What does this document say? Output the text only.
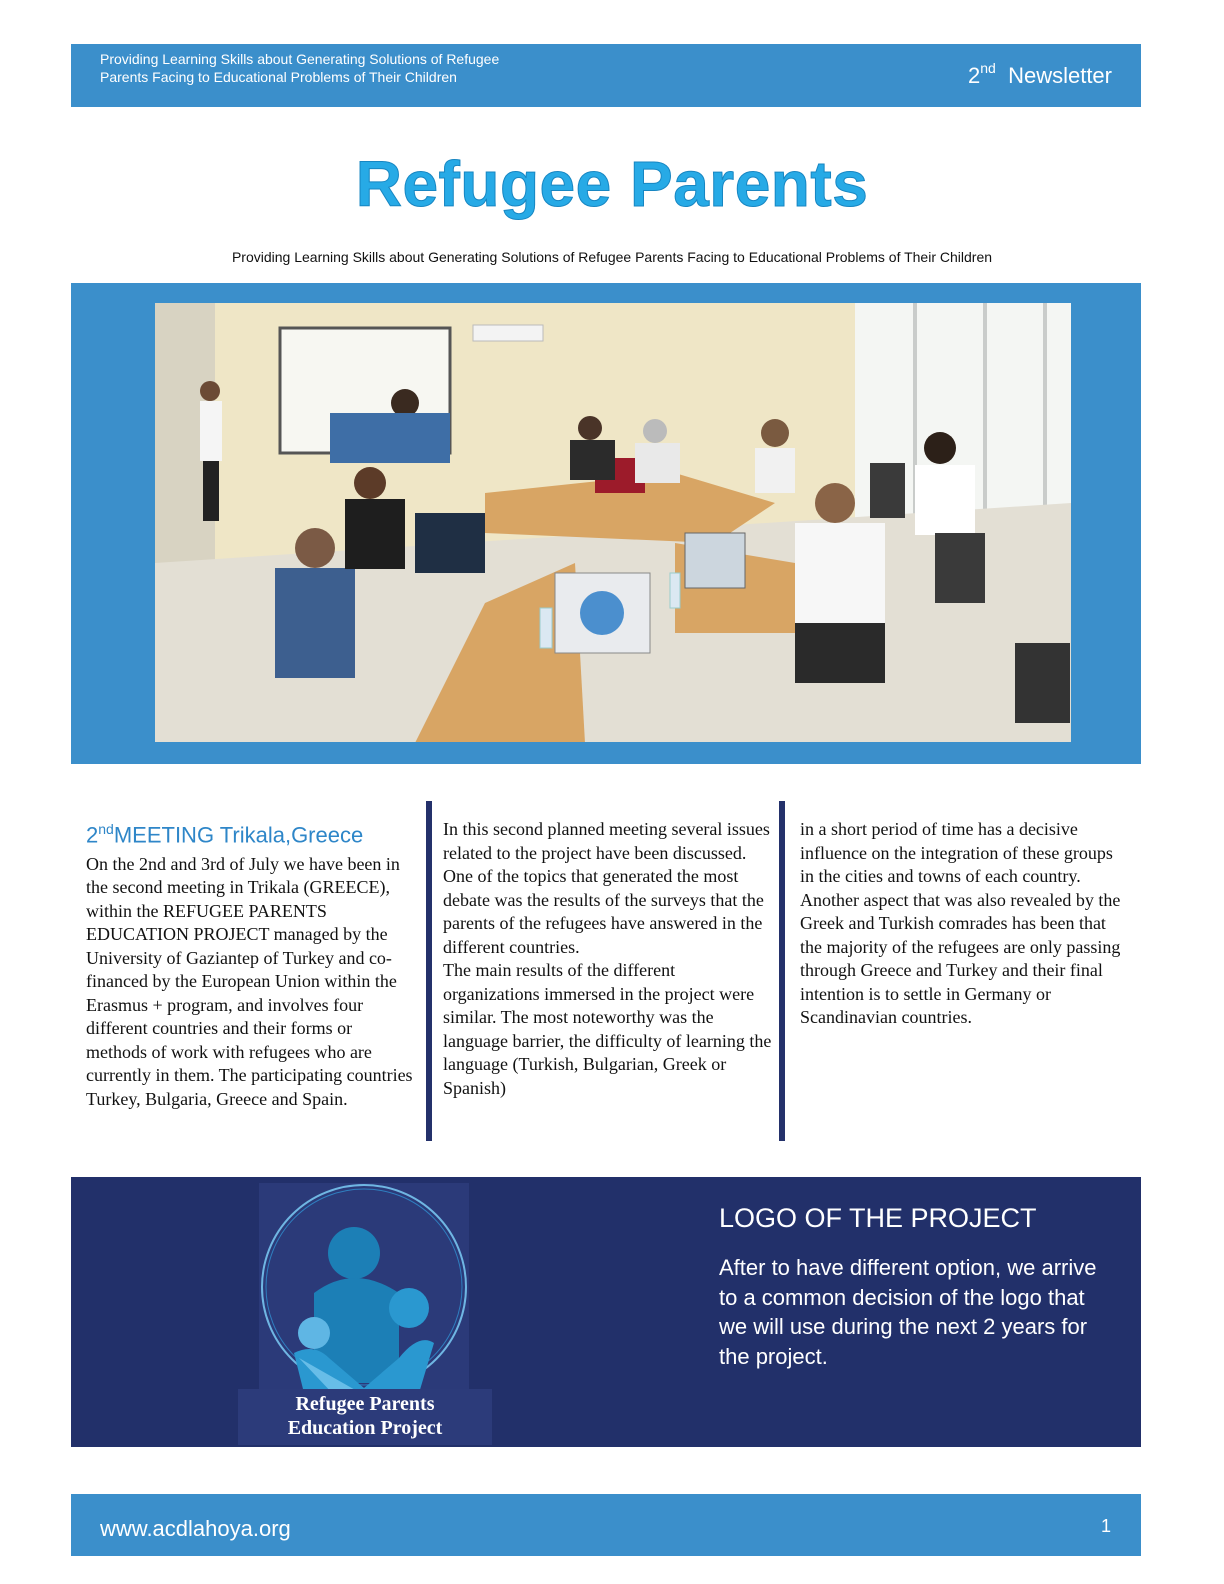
Providing Learning Skills about Generating Solutions of Refugee
Parents Facing to Educational Problems of Their Children	2nd Newsletter
Refugee Parents
Providing Learning Skills about Generating Solutions of Refugee Parents Facing to Educational Problems of Their Children
2ndMEETING Trikala,Greece
On the 2nd and 3rd of July we have been in the second meeting in Trikala (GREECE), within the REFUGEE PARENTS EDUCATION PROJECT managed by the University of Gaziantep of Turkey and co-financed by the European Union within the Erasmus + program, and involves four different countries and their forms or methods of work with refugees who are currently in them. The participating countries Turkey, Bulgaria, Greece and Spain.
In this second planned meeting several issues related to the project have been discussed. One of the topics that generated the most debate was the results of the surveys that the parents of the refugees have answered in the different countries.
The main results of the different organizations immersed in the project were similar. The most noteworthy was the language barrier, the difficulty of learning the language (Turkish, Bulgarian, Greek or Spanish)
in a short period of time has a decisive influence on the integration of these groups in the cities and towns of each country. Another aspect that was also revealed by the Greek and Turkish comrades has been that the majority of the refugees are only passing through Greece and Turkey and their final intention is to settle in Germany or Scandinavian countries.
Refugee Parents
Education Project
LOGO OF THE PROJECT
After to have different option, we arrive to a common decision of the logo that we will use during the next 2 years for the project.
www.acdlahoya.org	1
